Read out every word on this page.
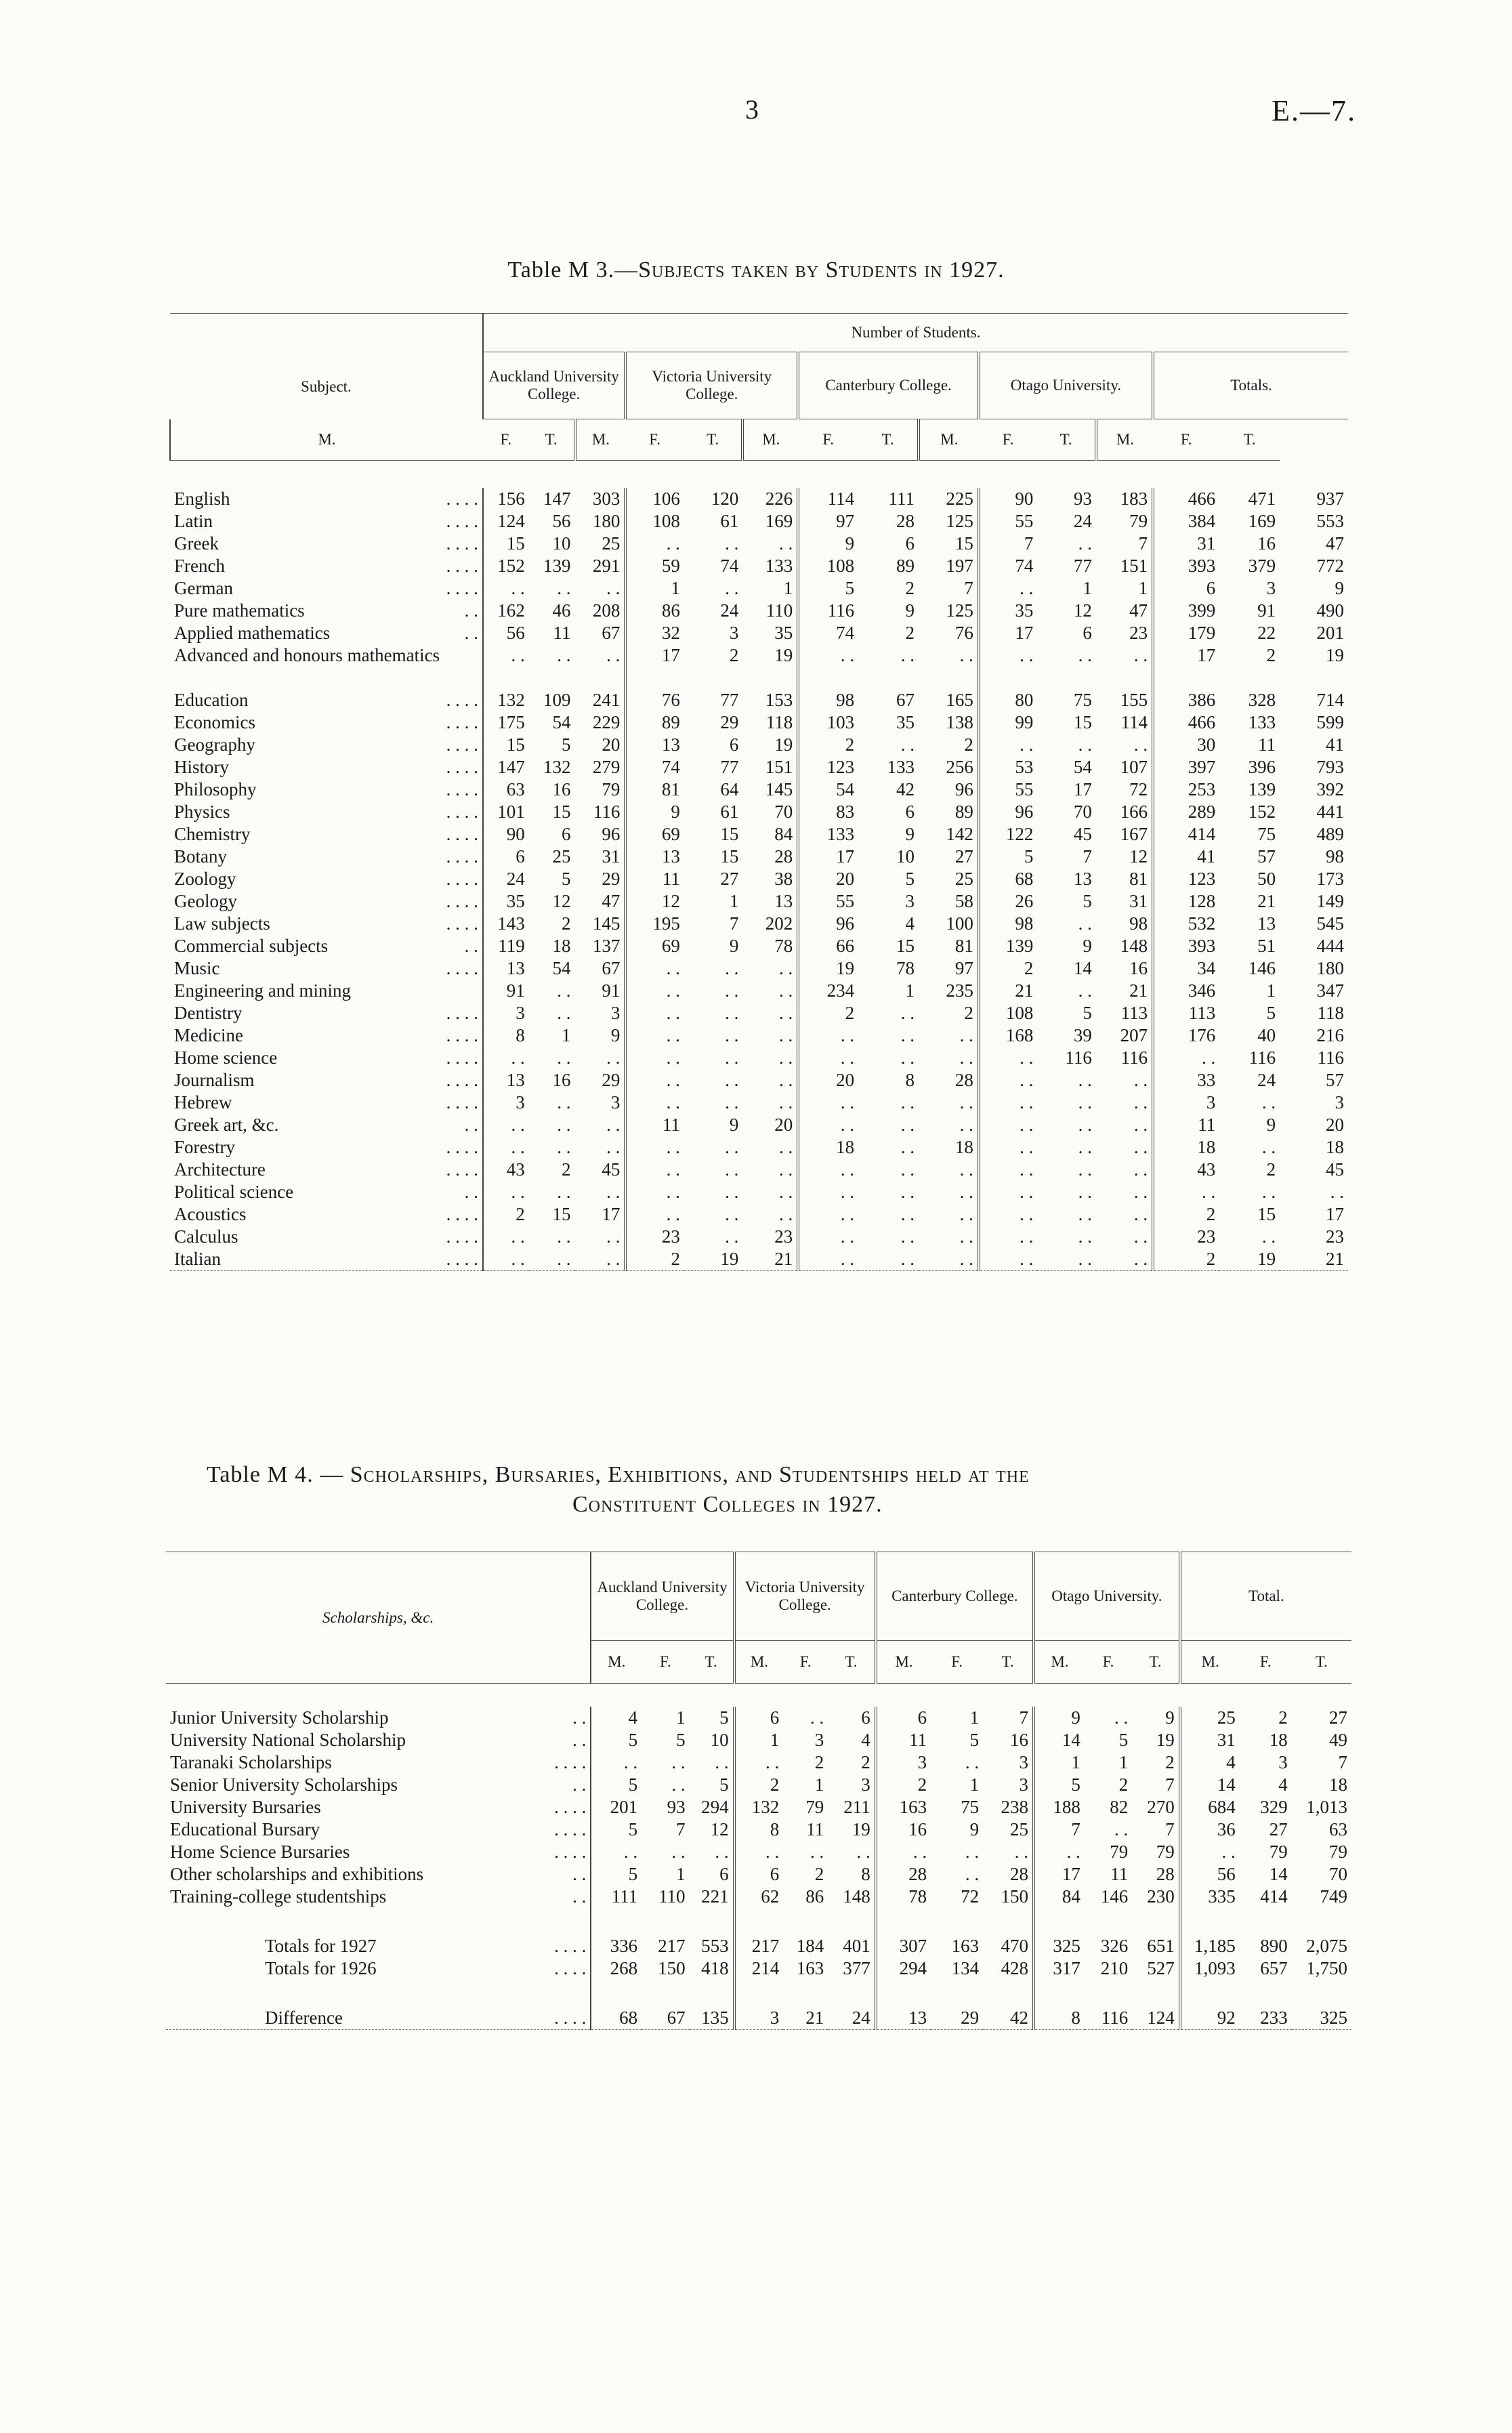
3	E.—7.
Table M 3.—Subjects taken by Students in 1927.
Subject.	Number of Students.														
	Auckland University College.			Victoria University College.			Canterbury College.			Otago University.			Totals.		
M.	F.	T.	M.	F.	T.	M.	F.	T.	M.	F.	T.	M.	F.	T.	

English . . . .	156	147	303	106	120	226	114	111	225	90	93	183	466	471	937
Latin . . . .	124	56	180	108	61	169	97	28	125	55	24	79	384	169	553
Greek . . . .	15	10	25	. .	. .	. .	9	6	15	7	. .	7	31	16	47
French . . . .	152	139	291	59	74	133	108	89	197	74	77	151	393	379	772
German . . . .	. .	. .	. .	1	. .	1	5	2	7	. .	1	1	6	3	9
Pure mathematics . .	162	46	208	86	24	110	116	9	125	35	12	47	399	91	490
Applied mathematics . .	56	11	67	32	3	35	74	2	76	17	6	23	179	22	201
Advanced and honours mathematics	. .	. .	. .	17	2	19	. .	. .	. .	. .	. .	. .	17	2	19
Education . . . .	132	109	241	76	77	153	98	67	165	80	75	155	386	328	714
Economics . . . .	175	54	229	89	29	118	103	35	138	99	15	114	466	133	599
Geography . . . .	15	5	20	13	6	19	2	. .	2	. .	. .	. .	30	11	41
History . . . .	147	132	279	74	77	151	123	133	256	53	54	107	397	396	793
Philosophy . . . .	63	16	79	81	64	145	54	42	96	55	17	72	253	139	392
Physics . . . .	101	15	116	9	61	70	83	6	89	96	70	166	289	152	441
Chemistry . . . .	90	6	96	69	15	84	133	9	142	122	45	167	414	75	489
Botany . . . .	6	25	31	13	15	28	17	10	27	5	7	12	41	57	98
Zoology . . . .	24	5	29	11	27	38	20	5	25	68	13	81	123	50	173
Geology . . . .	35	12	47	12	1	13	55	3	58	26	5	31	128	21	149
Law subjects . . . .	143	2	145	195	7	202	96	4	100	98	. .	98	532	13	545
Commercial subjects . .	119	18	137	69	9	78	66	15	81	139	9	148	393	51	444
Music . . . .	13	54	67	. .	. .	. .	19	78	97	2	14	16	34	146	180
Engineering and mining	91	. .	91	. .	. .	. .	234	1	235	21	. .	21	346	1	347
Dentistry . . . .	3	. .	3	. .	. .	. .	2	. .	2	108	5	113	113	5	118
Medicine . . . .	8	1	9	. .	. .	. .	. .	. .	. .	168	39	207	176	40	216
Home science . . . .	. .	. .	. .	. .	. .	. .	. .	. .	. .	. .	116	116	. .	116	116
Journalism . . . .	13	16	29	. .	. .	. .	20	8	28	. .	. .	. .	33	24	57
Hebrew . . . .	3	. .	3	. .	. .	. .	. .	. .	. .	. .	. .	. .	3	. .	3
Greek art, &c. . .	. .	. .	. .	11	9	20	. .	. .	. .	. .	. .	. .	11	9	20
Forestry . . . .	. .	. .	. .	. .	. .	. .	18	. .	18	. .	. .	. .	18	. .	18
Architecture . . . .	43	2	45	. .	. .	. .	. .	. .	. .	. .	. .	. .	43	2	45
Political science . .	. .	. .	. .	. .	. .	. .	. .	. .	. .	. .	. .	. .	. .	. .	. .
Acoustics . . . .	2	15	17	. .	. .	. .	. .	. .	. .	. .	. .	. .	2	15	17
Calculus . . . .	. .	. .	. .	23	. .	23	. .	. .	. .	. .	. .	. .	23	. .	23
Italian . . . .	. .	. .	. .	2	19	21	. .	. .	. .	. .	. .	. .	2	19	21
Table M 4. — Scholarships, Bursaries, Exhibitions, and Studentships held at the
Constituent Colleges in 1927.
Scholarships, &c.	Auckland University College.			Victoria University College.			Canterbury College.			Otago University.			Total.		
	M.	F.	T.	M.	F.	T.	M.	F.	T.	M.	F.	T.	M.	F.	T.

Junior University Scholarship . .	4	1	5	6	. .	6	6	1	7	9	. .	9	25	2	27
University National Scholarship . .	5	5	10	1	3	4	11	5	16	14	5	19	31	18	49
Taranaki Scholarships . . . .	. .	. .	. .	. .	2	2	3	. .	3	1	1	2	4	3	7
Senior University Scholarships . .	5	. .	5	2	1	3	2	1	3	5	2	7	14	4	18
University Bursaries . . . .	201	93	294	132	79	211	163	75	238	188	82	270	684	329	1,013
Educational Bursary . . . .	5	7	12	8	11	19	16	9	25	7	. .	7	36	27	63
Home Science Bursaries . . . .	. .	. .	. .	. .	. .	. .	. .	. .	. .	. .	79	79	. .	79	79
Other scholarships and exhibitions . .	5	1	6	6	2	8	28	. .	28	17	11	28	56	14	70
Training-college studentships . .	111	110	221	62	86	148	78	72	150	84	146	230	335	414	749

Totals for 1927 . . . .	336	217	553	217	184	401	307	163	470	325	326	651	1,185	890	2,075
Totals for 1926 . . . .	268	150	418	214	163	377	294	134	428	317	210	527	1,093	657	1,750

Difference . . . .	68	67	135	3	21	24	13	29	42	8	116	124	92	233	325
